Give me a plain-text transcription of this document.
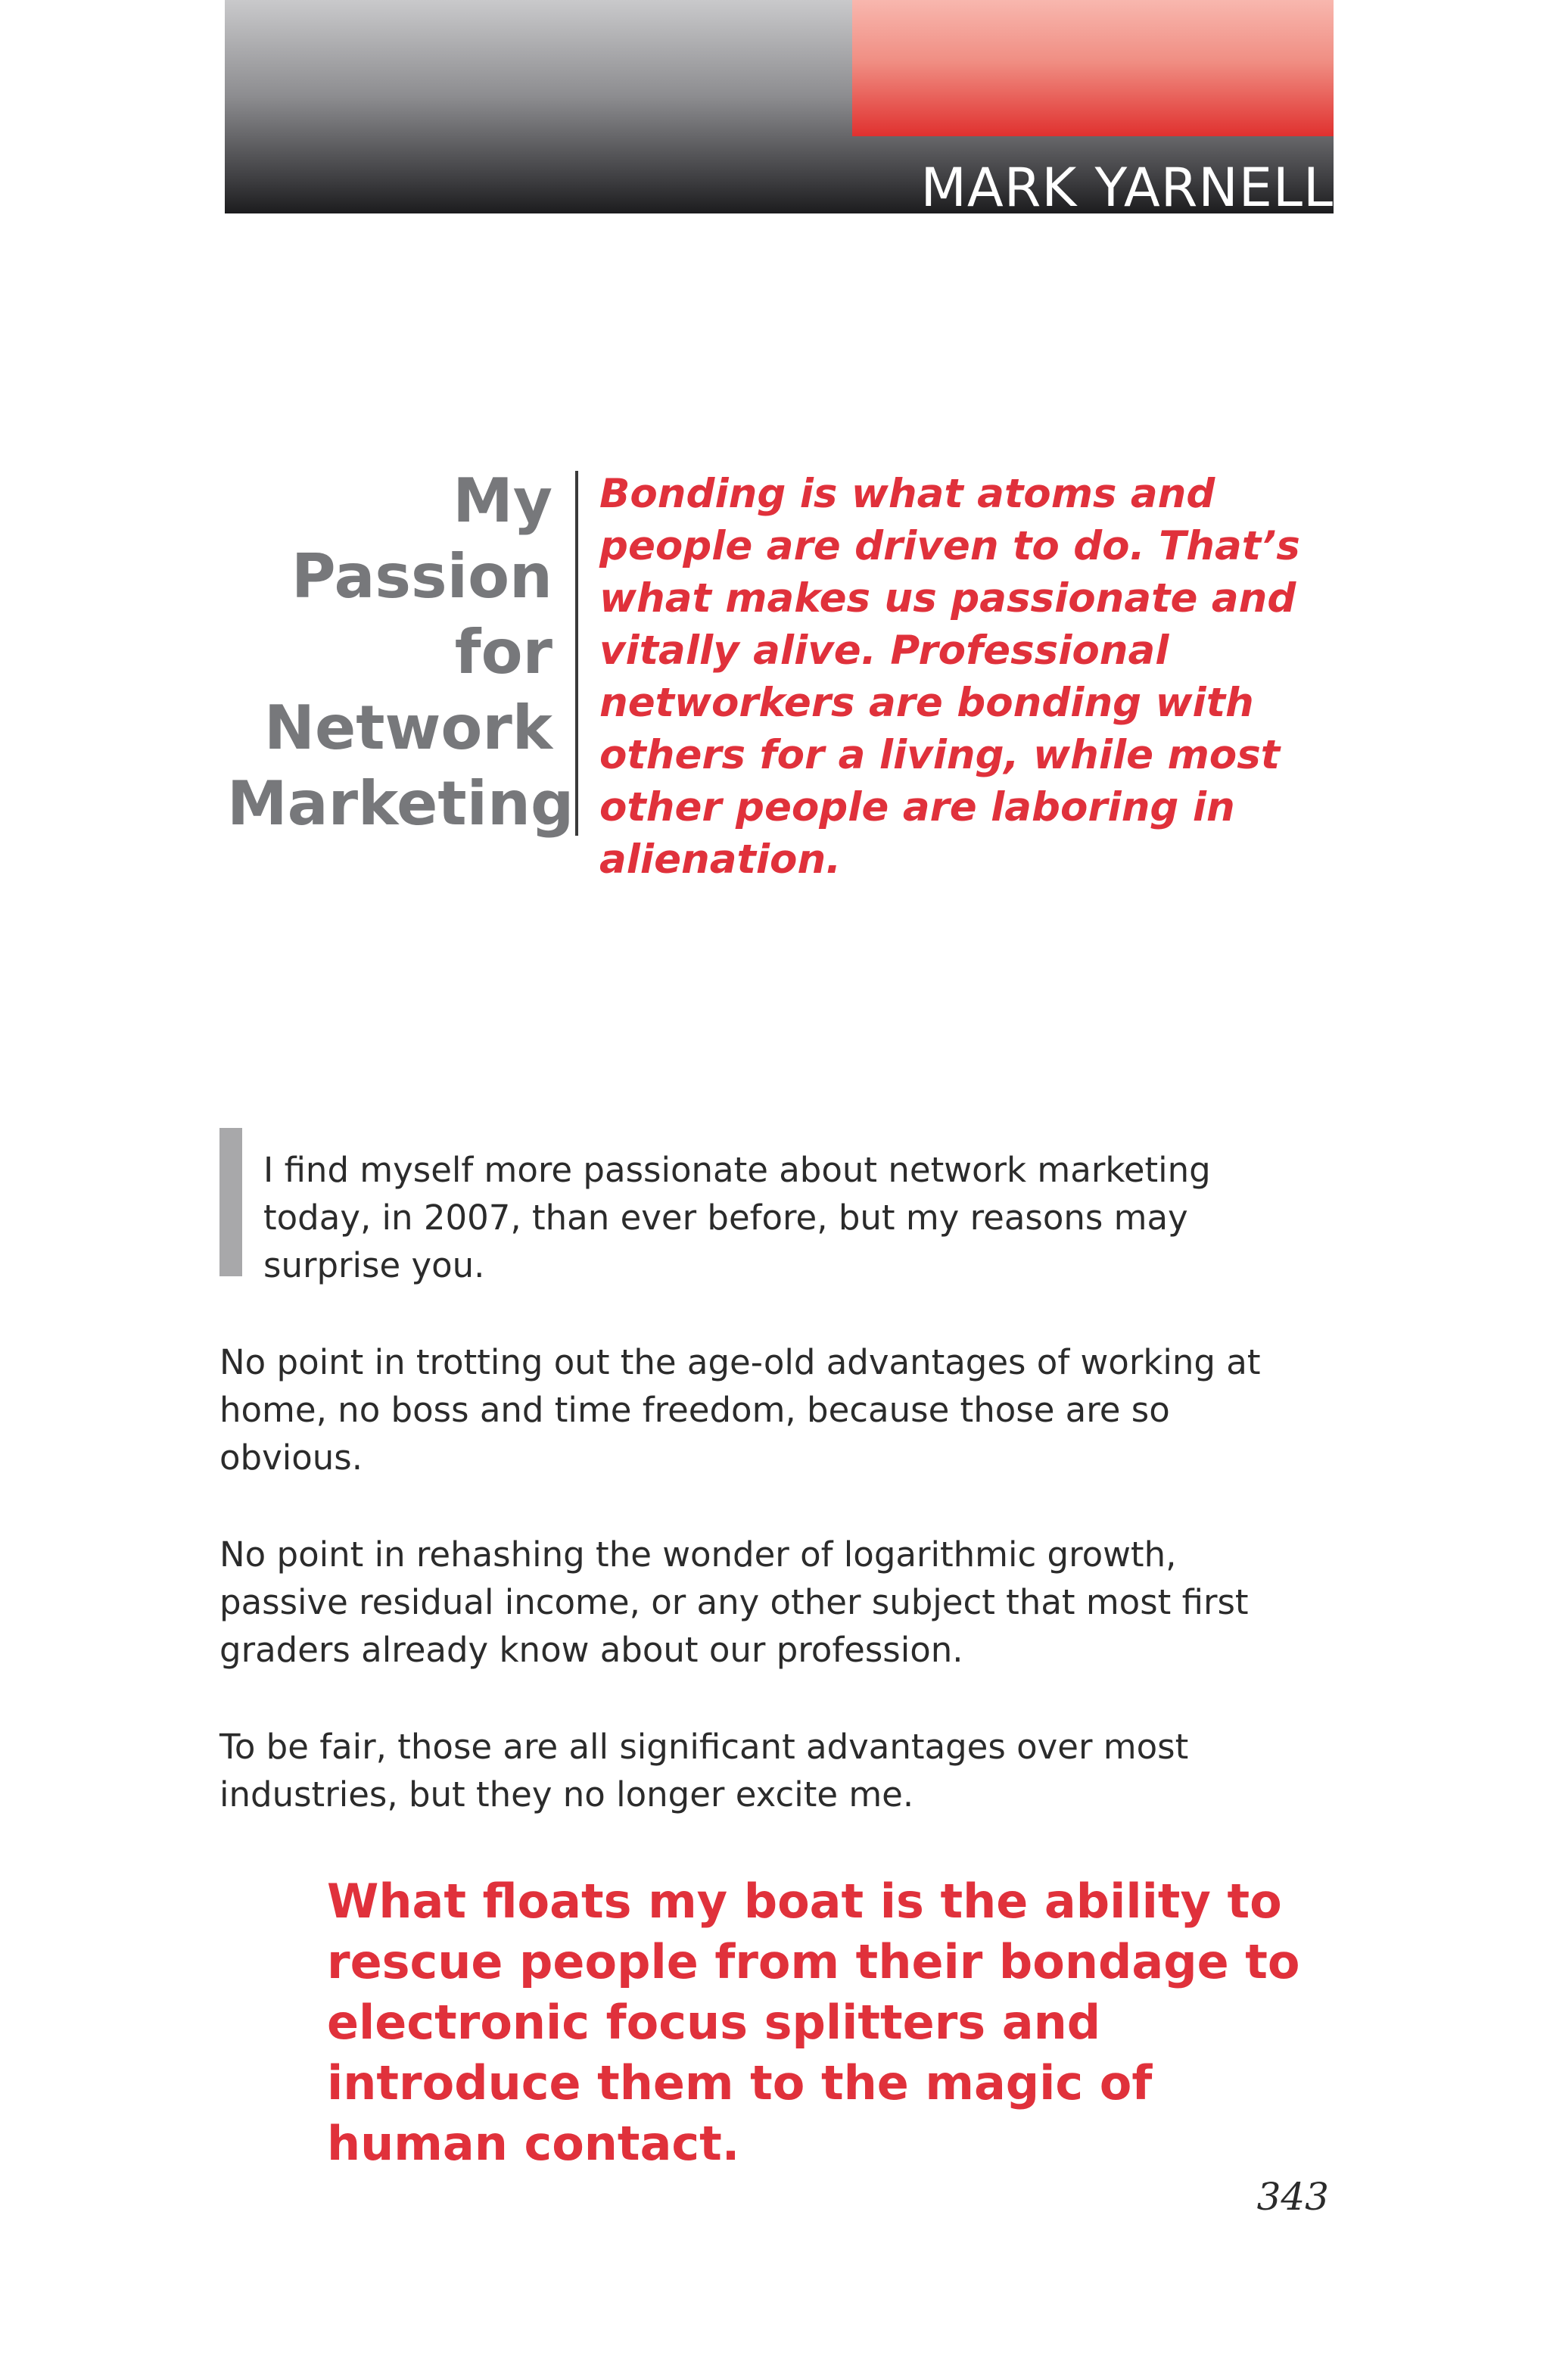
MARK YARNELL
My
Passion
for
Network
Marketing
Bonding is what atoms and people are driven to do. That’s what makes us passionate and vitally alive. Professional networkers are bonding with others for a living, while most other people are laboring in alienation.

I find myself more passionate about network marketing today, in 2007, than ever before, but my reasons may surprise you.

No point in trotting out the age-old advantages of working at home, no boss and time freedom, because those are so obvious.

No point in rehashing the wonder of logarithmic growth, passive residual income, or any other subject that most first graders already know about our profession.

To be fair, those are all significant advantages over most industries, but they no longer excite me.

What floats my boat is the ability to rescue people from their bondage to electronic focus splitters and introduce them to the magic of human contact.

343
